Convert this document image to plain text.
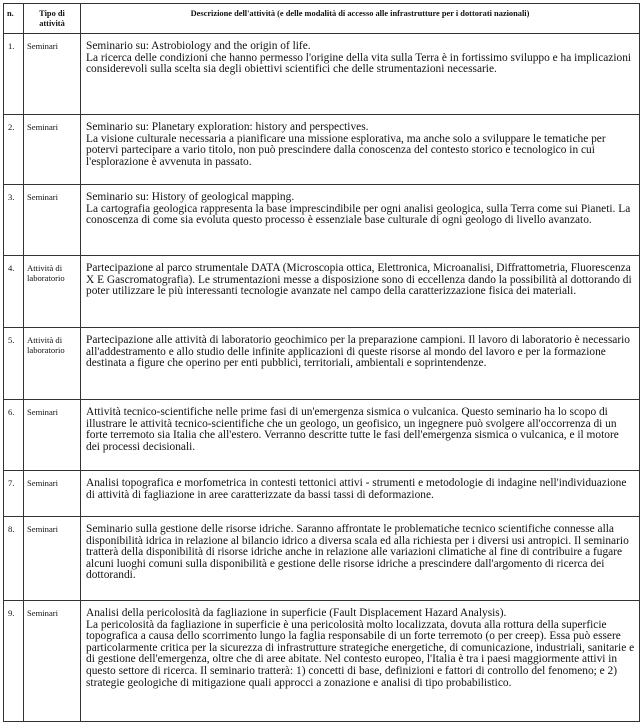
n.	Tipo di attività	Descrizione dell'attività (e delle modalità di accesso alle infrastrutture per i dottorati nazionali)
1.	Seminari	Seminario su: Astrobiology and the origin of life.
La ricerca delle condizioni che hanno permesso l'origine della vita sulla Terra è in fortissimo sviluppo e ha implicazioni considerevoli sulla scelta sia degli obiettivi scientifici che delle strumentazioni necessarie.

2.	Seminari	Seminario su: Planetary exploration: history and perspectives.
La visione culturale necessaria a pianificare una missione esplorativa, ma anche solo a sviluppare le tematiche per potervi partecipare a vario titolo, non può prescindere dalla conoscenza del contesto storico e tecnologico in cui l'esplorazione è avvenuta in passato.

3.	Seminari	Seminario su: History of geological mapping.
La cartografia geologica rappresenta la base imprescindibile per ogni analisi geologica, sulla Terra come sui Pianeti. La conoscenza di come sia evoluta questo processo è essenziale base culturale di ogni geologo di livello avanzato.

4.	Attività di laboratorio	Partecipazione al parco strumentale DATA (Microscopia ottica, Elettronica, Microanalisi, Diffrattometria, Fluorescenza X E Gascromatografia). Le strumentazioni messe a disposizione sono di eccellenza dando la possibilità al dottorando di poter utilizzare le più interessanti tecnologie avanzate nel campo della caratterizzazione fisica dei materiali.

5.	Attività di laboratorio	Partecipazione alle attività di laboratorio geochimico per la preparazione campioni. Il lavoro di laboratorio è necessario all'addestramento e allo studio delle infinite applicazioni di queste risorse al mondo del lavoro e per la formazione destinata a figure che operino per enti pubblici, territoriali, ambientali e soprintendenze.

6.	Seminari	Attività tecnico-scientifiche nelle prime fasi di un'emergenza sismica o vulcanica. Questo seminario ha lo scopo di illustrare le attività tecnico-scientifiche che un geologo, un geofisico, un ingegnere può svolgere all'occorrenza di un forte terremoto sia Italia che all'estero. Verranno descritte tutte le fasi dell'emergenza sismica o vulcanica, e il motore dei processi decisionali.

7.	Seminari	Analisi topografica e morfometrica in contesti tettonici attivi - strumenti e metodologie di indagine nell'individuazione di attività di fagliazione in aree caratterizzate da bassi tassi di deformazione.

8.	Seminari	Seminario sulla gestione delle risorse idriche. Saranno affrontate le problematiche tecnico scientifiche connesse alla disponibilità idrica in relazione al bilancio idrico a diversa scala ed alla richiesta per i diversi usi antropici. Il seminario tratterà della disponibilità di risorse idriche anche in relazione alle variazioni climatiche al fine di contribuire a fugare alcuni luoghi comuni sulla disponibilità e gestione delle risorse idriche a prescindere dall'argomento di ricerca dei dottorandi.

9.	Seminari	Analisi della pericolosità da fagliazione in superficie (Fault Displacement Hazard Analysis).
La pericolosità da fagliazione in superficie è una pericolosità molto localizzata, dovuta alla rottura della superficie topografica a causa dello scorrimento lungo la faglia responsabile di un forte terremoto (o per creep). Essa può essere particolarmente critica per la sicurezza di infrastrutture strategiche energetiche, di comunicazione, industriali, sanitarie e di gestione dell'emergenza, oltre che di aree abitate. Nel contesto europeo, l'Italia è tra i paesi maggiormente attivi in questo settore di ricerca. Il seminario tratterà: 1) concetti di base, definizioni e fattori di controllo del fenomeno; e 2) strategie geologiche di mitigazione quali approcci a zonazione e analisi di tipo probabilistico.
